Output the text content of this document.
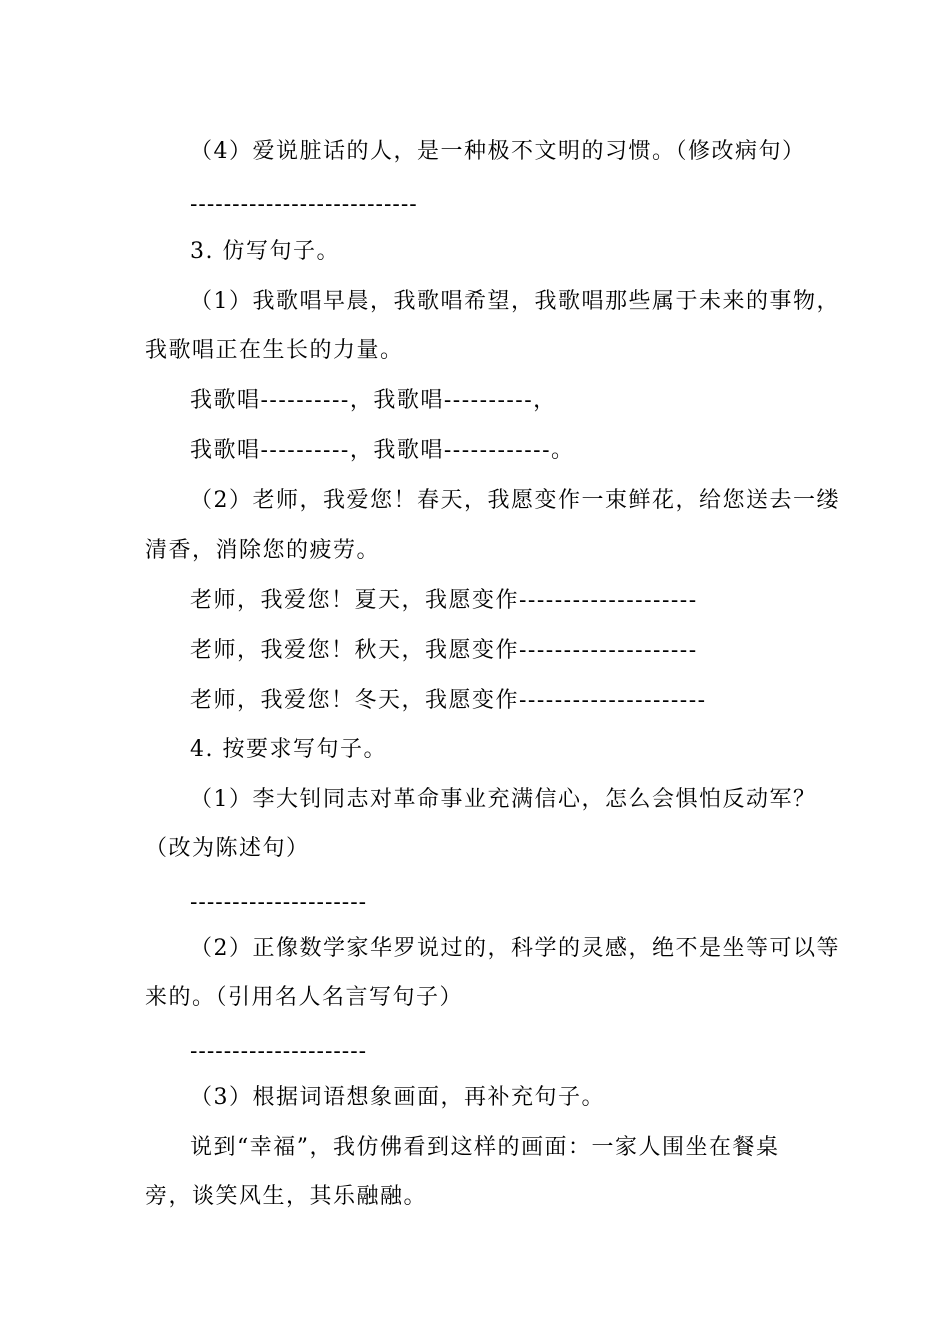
（4）爱说脏话的人，是一种极不文明的习惯。（修改病句）
---------------------------
3. 仿写句子。
（1）我歌唱早晨，我歌唱希望，我歌唱那些属于未来的事物，
我歌唱正在生长的力量。
我歌唱----------，我歌唱----------，
我歌唱----------，我歌唱------------。
（2）老师，我爱您！春天，我愿变作一束鲜花，给您送去一缕
清香，消除您的疲劳。
老师，我爱您！夏天，我愿变作--------------------
老师，我爱您！秋天，我愿变作--------------------
老师，我爱您！冬天，我愿变作---------------------
4. 按要求写句子。
（1）李大钊同志对革命事业充满信心，怎么会惧怕反动军？
（改为陈述句）
---------------------
（2）正像数学家华罗说过的，科学的灵感，绝不是坐等可以等
来的。（引用名人名言写句子）
---------------------
（3）根据词语想象画面，再补充句子。
说到“幸福”，我仿佛看到这样的画面：一家人围坐在餐桌
旁，谈笑风生，其乐融融。
